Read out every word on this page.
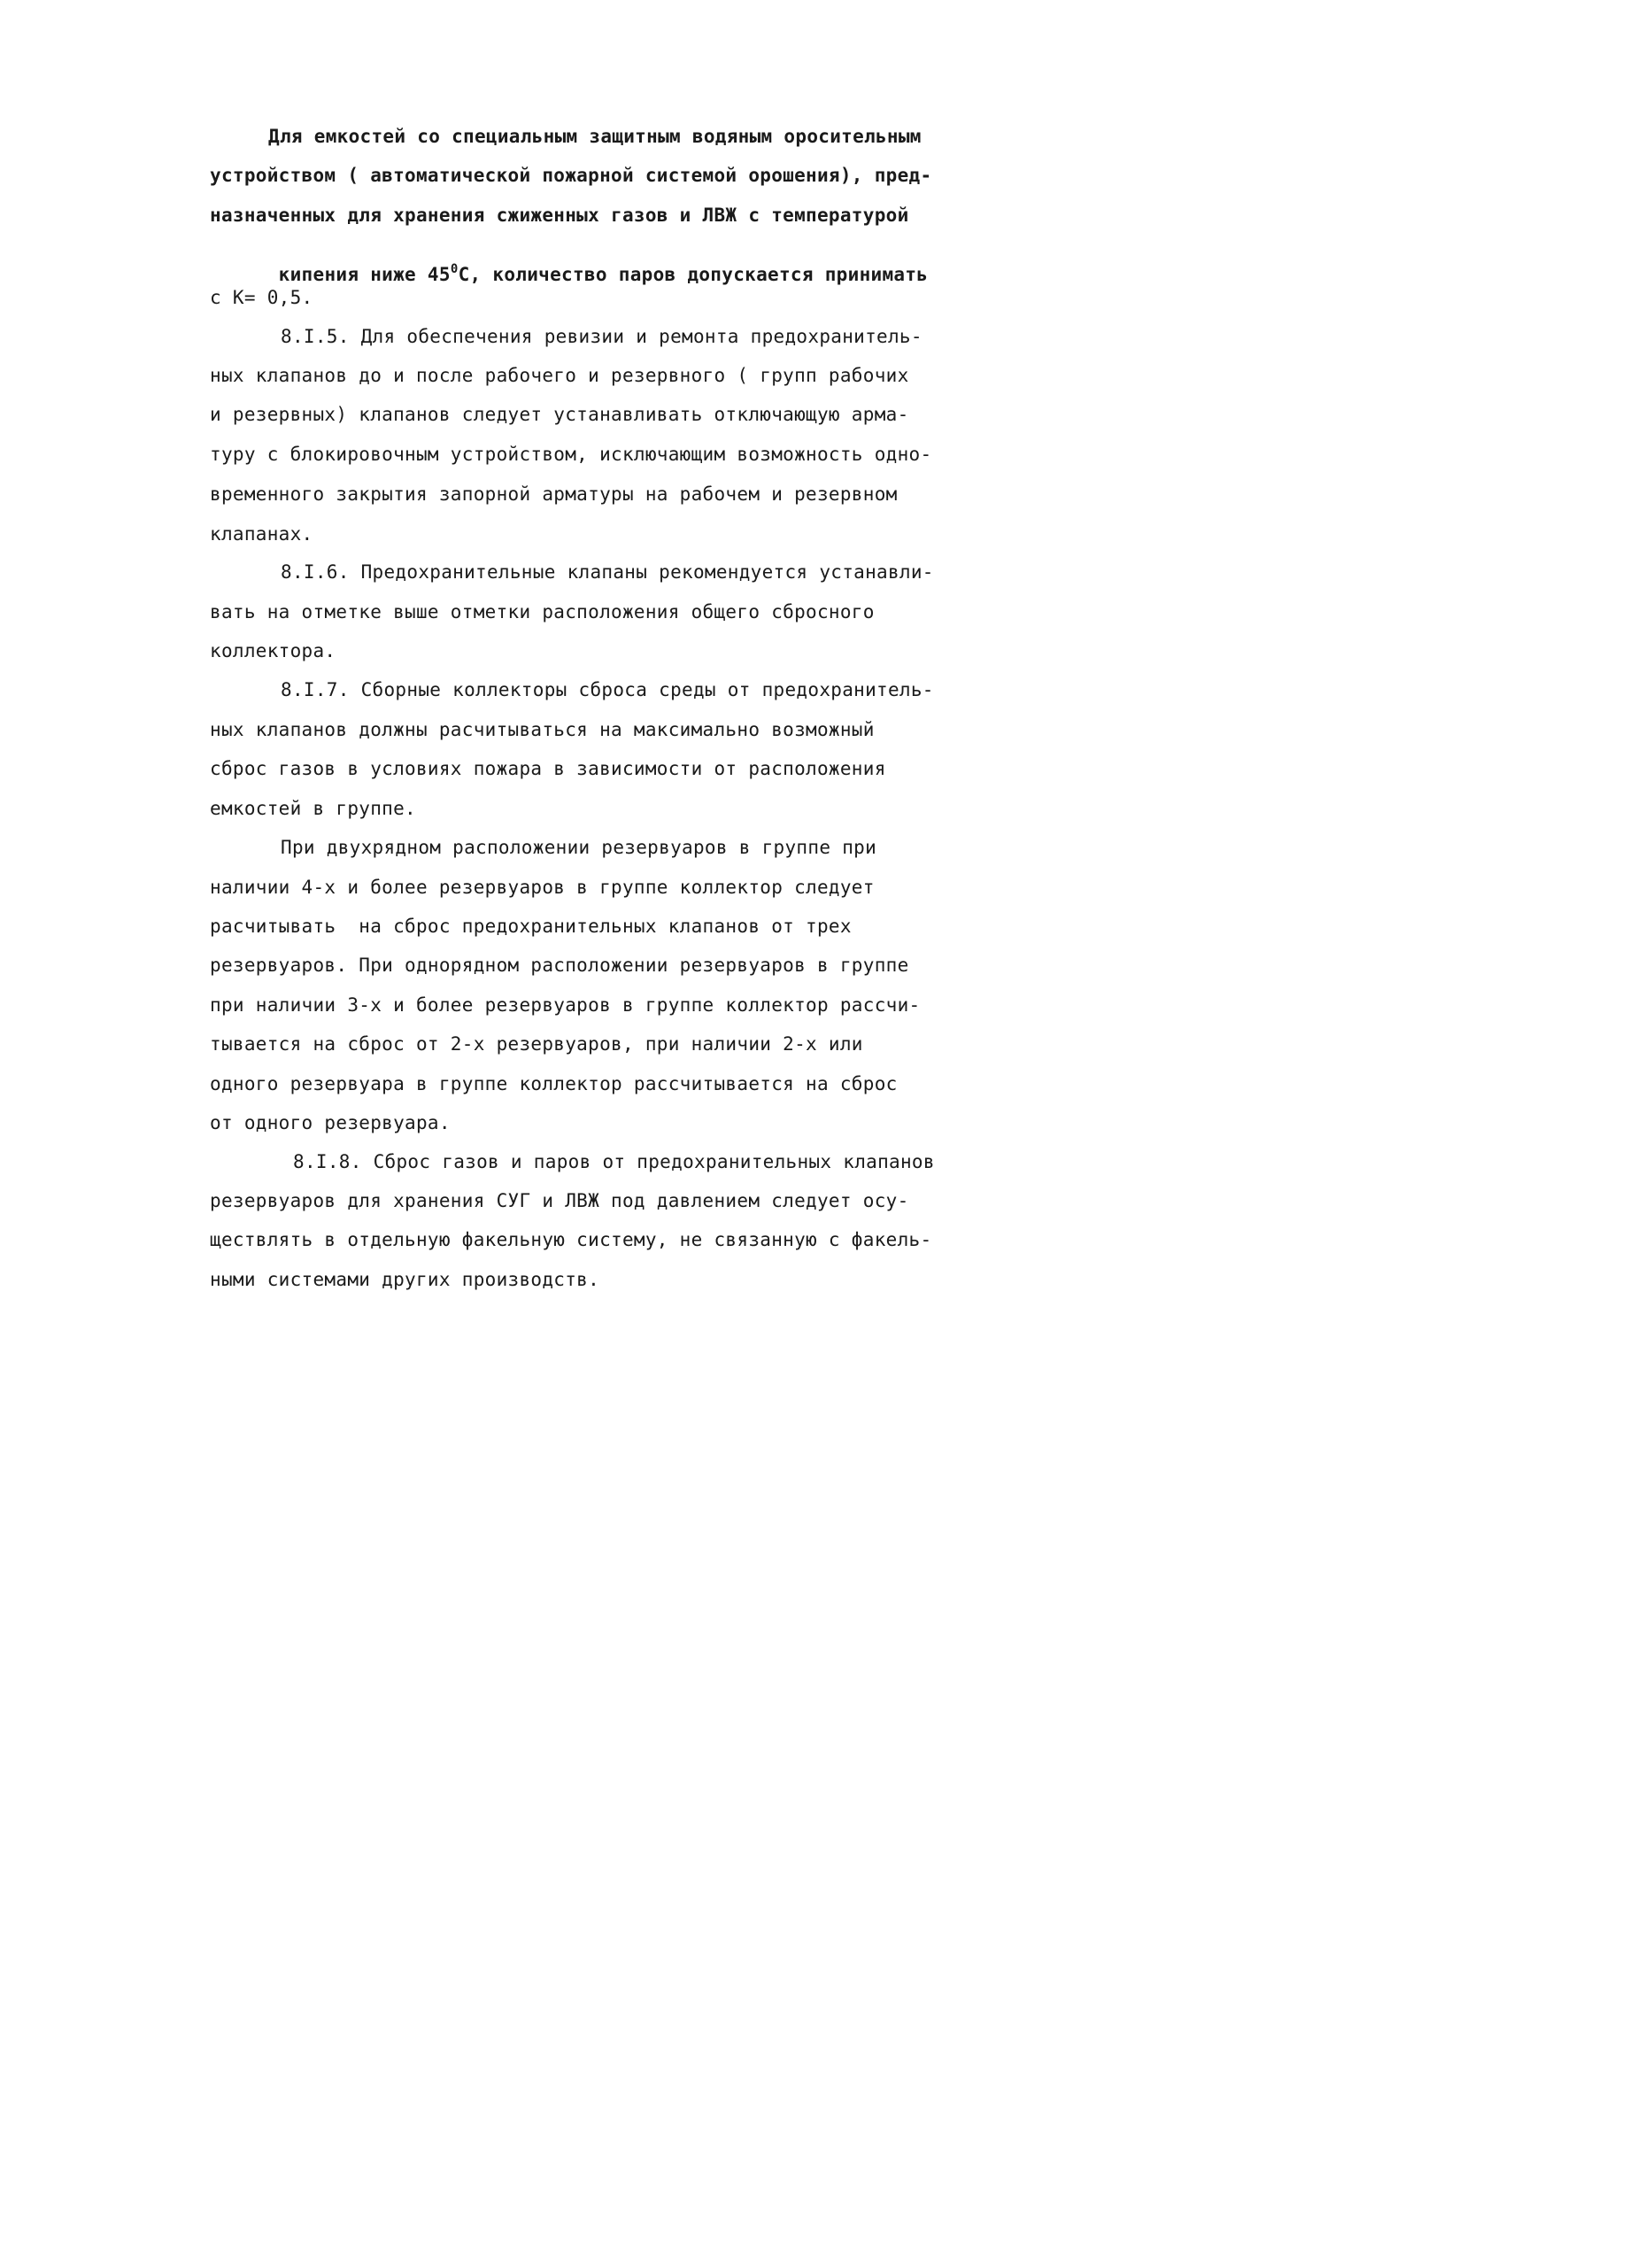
Для емкостей со специальным защитным водяным оросительным
устройством ( автоматической пожарной системой орошения), пред-
назначенных для хранения сжиженных газов и ЛВЖ с температурой

кипения ниже $45^0С$, количество паров допускается принимать

с К= 0,5.
8.I.5. Для обеспечения ревизии и ремонта предохранитель-
ных клапанов до и после рабочего и резервного ( групп рабочих
и резервных) клапанов следует устанавливать отключающую арма-
туру с блокировочным устройством, исключающим возможность одно-
временного закрытия запорной арматуры на рабочем и резервном
клапанах.
8.I.6. Предохранительные клапаны рекомендуется устанавли-
вать на отметке выше отметки расположения общего сбросного
коллектора.
8.I.7. Сборные коллекторы сброса среды от предохранитель-
ных клапанов должны расчитываться на максимально возможный
сброс газов в условиях пожара в зависимости от расположения
емкостей в группе.
При двухрядном расположении резервуаров в группе при
наличии 4-х и более резервуаров в группе коллектор следует
расчитывать  на сброс предохранительных клапанов от трех
резервуаров. При однорядном расположении резервуаров в группе
при наличии 3-х и более резервуаров в группе коллектор рассчи-
тывается на сброс от 2-х резервуаров, при наличии 2-х или
одного резервуара в группе коллектор рассчитывается на сброс
от одного резервуара.
8.I.8. Сброс газов и паров от предохранительных клапанов
резервуаров для хранения СУГ и ЛВЖ под давлением следует осу-
ществлять в отдельную факельную систему, не связанную с факель-
ными системами других производств.
